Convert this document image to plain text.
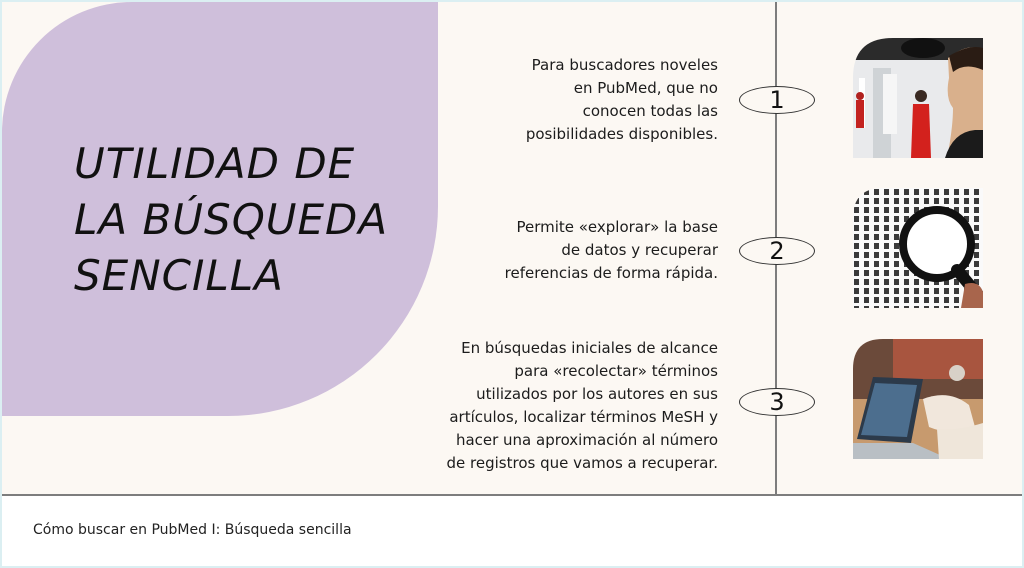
UTILIDAD DE
LA BÚSQUEDA
SENCILLA
Para buscadores noveles
en PubMed, que no
conocen todas las
posibilidades disponibles.
1
Permite «explorar» la base
de datos y recuperar
referencias de forma rápida.
2
En búsquedas iniciales de alcance
para «recolectar» términos
utilizados por los autores en sus
artículos, localizar términos MeSH y
hacer una aproximación al número
de registros que vamos a recuperar.
3
Cómo buscar en PubMed I: Búsqueda sencilla
